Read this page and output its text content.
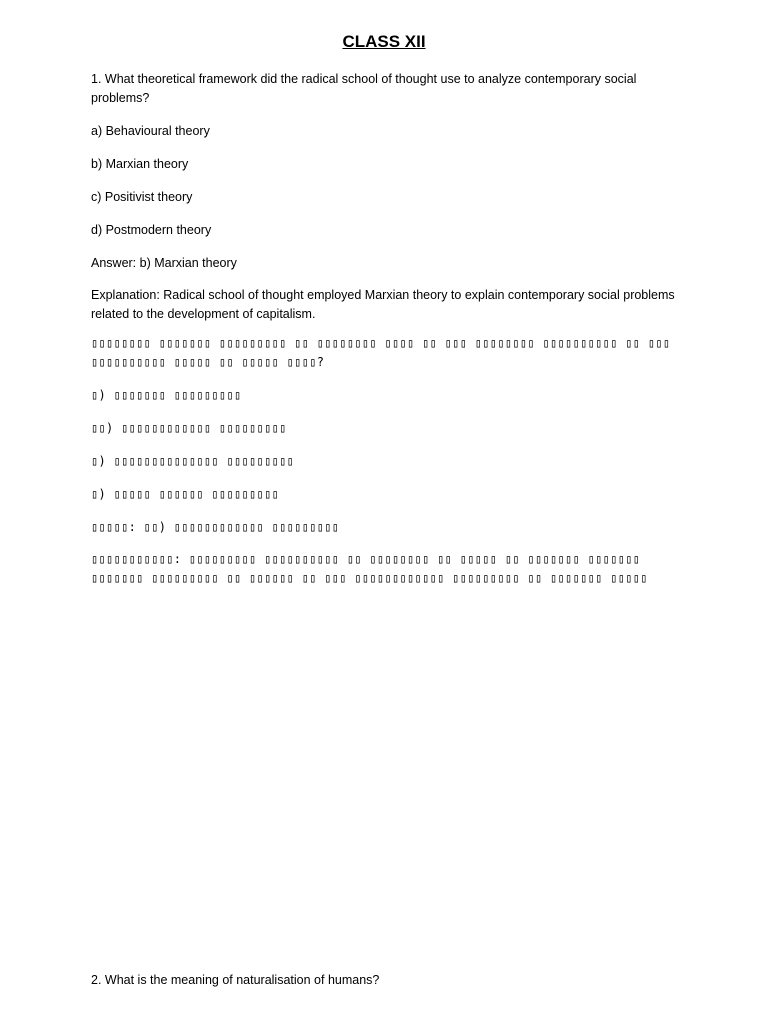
CLASS XII

1. What theoretical framework did the radical school of thought use to analyze contemporary social problems?

a) Behavioural theory

b) Marxian theory

c) Positivist theory

d) Postmodern theory

Answer: b) Marxian theory

Explanation: Radical school of thought employed Marxian theory to explain contemporary social problems related to the development of capitalism.

▯▯▯▯▯▯▯▯ ▯▯▯▯▯▯▯ ▯▯▯▯▯▯▯▯▯ ▯▯ ▯▯▯▯▯▯▯▯ ▯▯▯▯ ▯▯ ▯▯▯ ▯▯▯▯▯▯▯▯ ▯▯▯▯▯▯▯▯▯▯ ▯▯ ▯▯▯ ▯▯▯▯▯▯▯▯▯▯ ▯▯▯▯▯ ▯▯ ▯▯▯▯▯ ▯▯▯▯?

▯) ▯▯▯▯▯▯▯ ▯▯▯▯▯▯▯▯▯

▯▯) ▯▯▯▯▯▯▯▯▯▯▯▯ ▯▯▯▯▯▯▯▯▯

▯) ▯▯▯▯▯▯▯▯▯▯▯▯▯▯ ▯▯▯▯▯▯▯▯▯

▯) ▯▯▯▯▯ ▯▯▯▯▯▯ ▯▯▯▯▯▯▯▯▯

▯▯▯▯▯: ▯▯) ▯▯▯▯▯▯▯▯▯▯▯▯ ▯▯▯▯▯▯▯▯▯

▯▯▯▯▯▯▯▯▯▯▯: ▯▯▯▯▯▯▯▯▯ ▯▯▯▯▯▯▯▯▯▯ ▯▯ ▯▯▯▯▯▯▯▯ ▯▯ ▯▯▯▯▯ ▯▯ ▯▯▯▯▯▯▯ ▯▯▯▯▯▯▯ ▯▯▯▯▯▯▯ ▯▯▯▯▯▯▯▯▯ ▯▯ ▯▯▯▯▯▯ ▯▯ ▯▯▯ ▯▯▯▯▯▯▯▯▯▯▯▯ ▯▯▯▯▯▯▯▯▯ ▯▯ ▯▯▯▯▯▯▯ ▯▯▯▯▯

2. What is the meaning of naturalisation of humans?
